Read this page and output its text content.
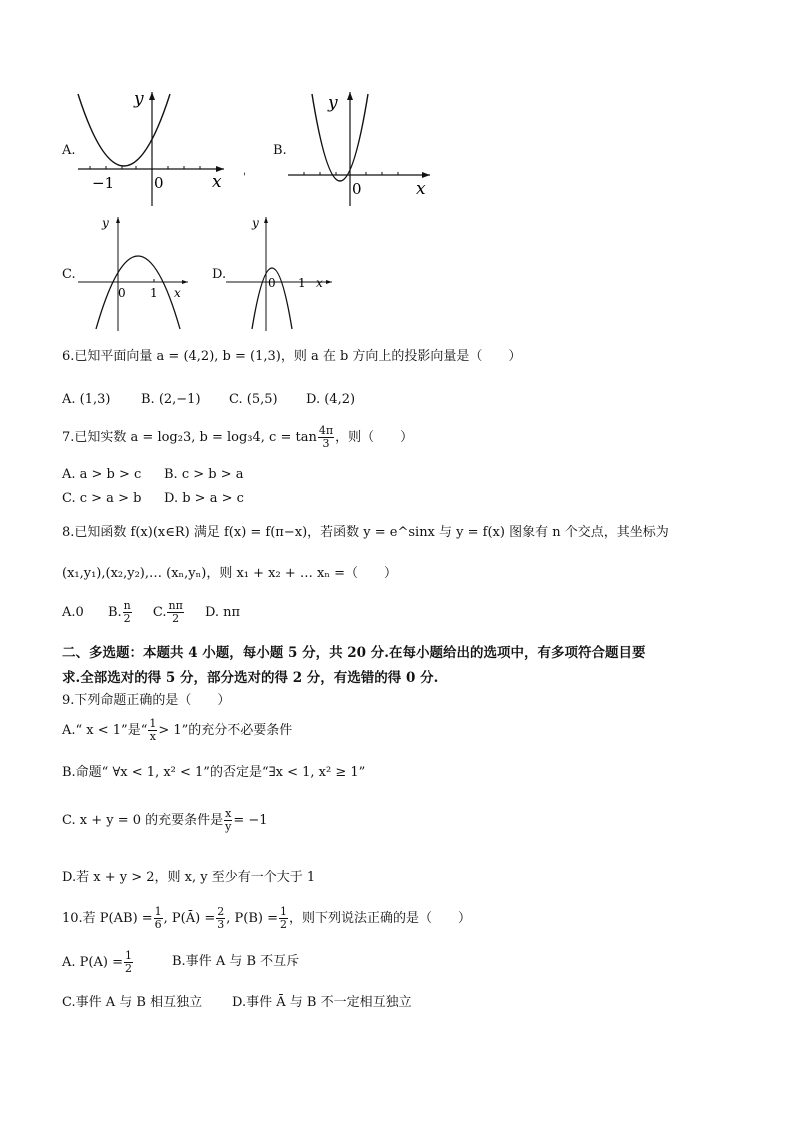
A.
y
x
0
−1	'
B.
y
x
0
C.
y
x
0 1
D.
y
x
0 1
6.已知平面向量 a = (4,2), b = (1,3)，则 a 在 b 方向上的投影向量是（　　）
A. (1,3) B. (2,−1) C. (5,5) D. (4,2)
7.已知实数 a = log₂3, b = log₃4, $c = \tan \frac{4\pi}{3}$ ，则（　　）
A. a > b > c B. c > b > a
C. c > a > b D. b > a > c
8.已知函数 f(x)(x∈R) 满足 f(x) = f(π−x)，若函数 y = e^sinx 与 y = f(x) 图象有 n 个交点，其坐标为
(x₁,y₁),(x₂,y₂),… (xₙ,yₙ)，则 x₁ + x₂ + … xₙ =（　　）
A.0 B. $\frac{n}{2} C$. $\frac{n\pi}{2} D$. nπ
二、多选题：本题共 4 小题，每小题 5 分，共 20 分.在每小题给出的选项中，有多项符合题目要
求.全部选对的得 5 分，部分选对的得 2 分，有选错的得 0 分.
9.下列命题正确的是（　　）
A.“ x < 1”是“ $\frac{1}{x} > 1$”的充分不必要条件
B.命题“ ∀x < 1, x² < 1”的否定是“∃x < 1, x² ≥ 1”
C. x + y = 0 的充要条件是 $\frac{x}{y} = -1$
D.若 x + y > 2，则 x, y 至少有一个大于 1
10.若 $P(AB) = \frac{1}{6}$ , P(Ā) = $\frac{2}{3}$ , $P(B) = \frac{1}{2}$ ，则下列说法正确的是（　　）
A. $P(A) = \frac{1}{2}$	B.事件 A 与 B 不互斥
C.事件 A 与 B 相互独立 D.事件 Ā 与 B 不一定相互独立
